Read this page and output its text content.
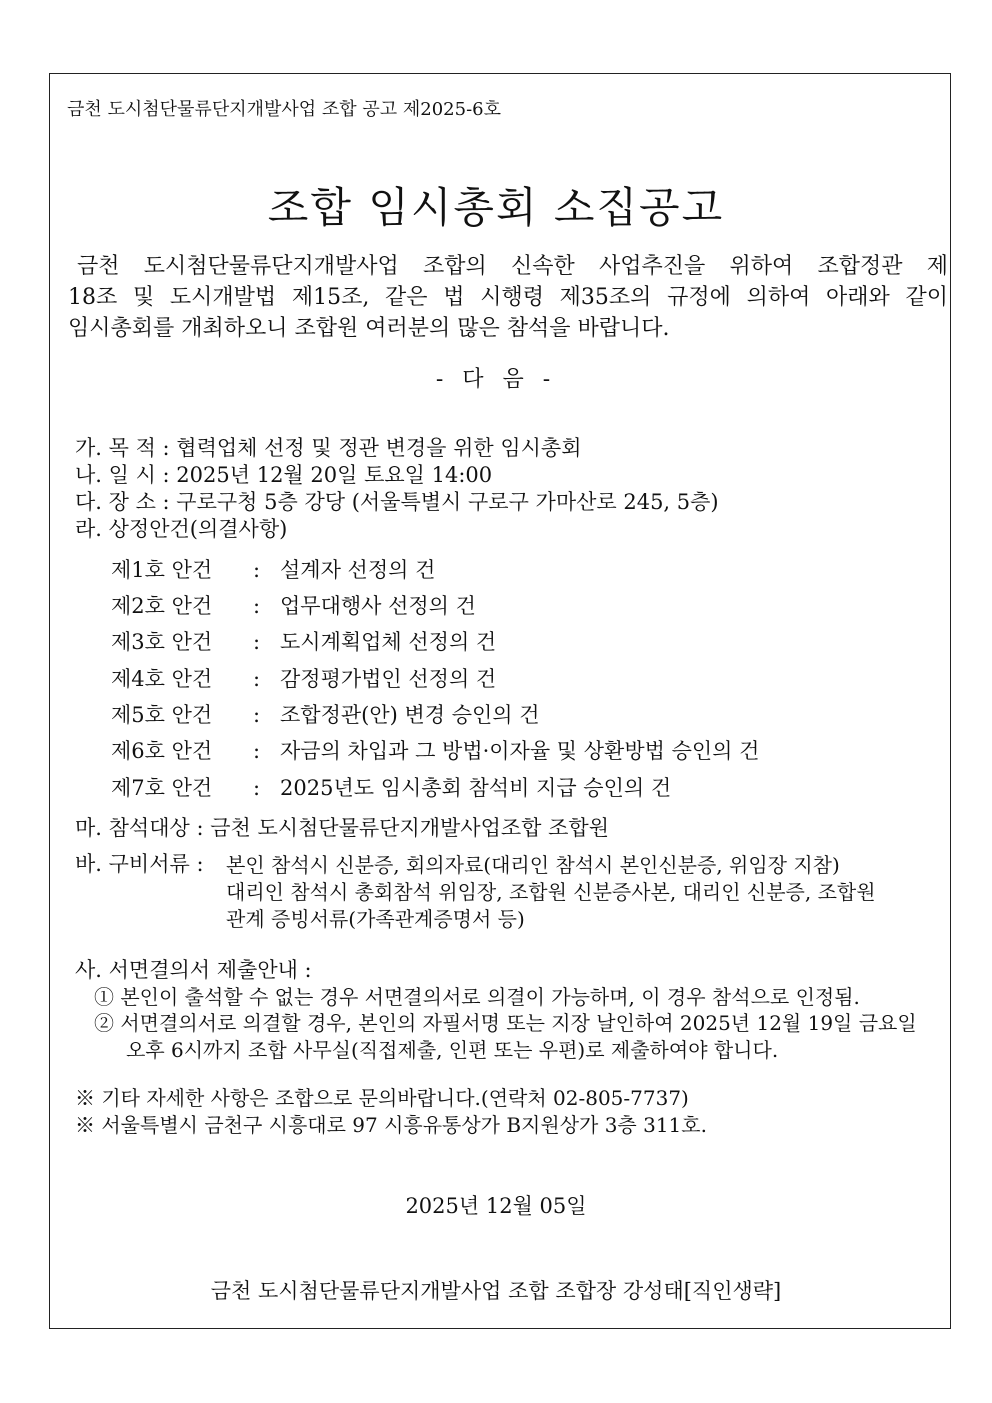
금천 도시첨단물류단지개발사업 조합 공고 제2025-6호
조합 임시총회 소집공고
금천 도시첨단물류단지개발사업 조합의 신속한 사업추진을 위하여 조합정관 제
18조 및 도시개발법 제15조, 같은 법 시행령 제35조의 규정에 의하여 아래와 같이
임시총회를 개최하오니 조합원 여러분의 많은 참석을 바랍니다.
- 다 음 -
가. 목 적 : 협력업체 선정 및 정관 변경을 위한 임시총회
나. 일 시 : 2025년 12월 20일 토요일 14:00
다. 장 소 : 구로구청 5층 강당 (서울특별시 구로구 가마산로 245, 5층)
라. 상정안건(의결사항)
제1호 안건 : 설계자 선정의 건
제2호 안건 : 업무대행사 선정의 건
제3호 안건 : 도시계획업체 선정의 건
제4호 안건 : 감정평가법인 선정의 건
제5호 안건 : 조합정관(안) 변경 승인의 건
제6호 안건 : 자금의 차입과 그 방법·이자율 및 상환방법 승인의 건
제7호 안건 : 2025년도 임시총회 참석비 지급 승인의 건
마. 참석대상 : 금천 도시첨단물류단지개발사업조합 조합원
바. 구비서류 : 본인 참석시 신분증, 회의자료(대리인 참석시 본인신분증, 위임장 지참)
대리인 참석시 총회참석 위임장, 조합원 신분증사본, 대리인 신분증, 조합원
관계 증빙서류(가족관계증명서 등)
사. 서면결의서 제출안내 :
① 본인이 출석할 수 없는 경우 서면결의서로 의결이 가능하며, 이 경우 참석으로 인정됨.
② 서면결의서로 의결할 경우, 본인의 자필서명 또는 지장 날인하여 2025년 12월 19일 금요일
오후 6시까지 조합 사무실(직접제출, 인편 또는 우편)로 제출하여야 합니다.
※ 기타 자세한 사항은 조합으로 문의바랍니다.(연락처 02-805-7737)
※ 서울특별시 금천구 시흥대로 97 시흥유통상가 B지원상가 3층 311호.
2025년 12월 05일
금천 도시첨단물류단지개발사업 조합 조합장 강성태[직인생략]
